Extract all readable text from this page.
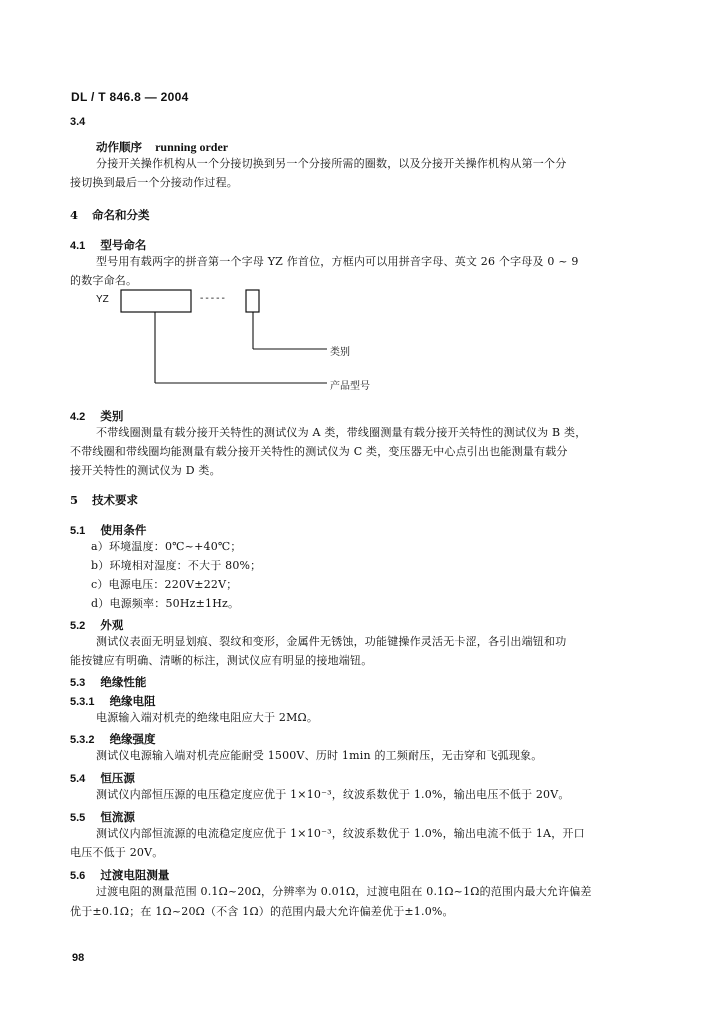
DL / T 846.8 — 2004
3.4
动作顺序 running order
分接开关操作机构从一个分接切换到另一个分接所需的圈数，以及分接开关操作机构从第一个分
接切换到最后一个分接动作过程。
4 命名和分类
4.1 型号命名
型号用有载两字的拼音第一个字母 YZ 作首位，方框内可以用拼音字母、英文 26 个字母及 0 ~ 9
的数字命名。
YZ	-----
类别
产品型号
4.2 类别
不带线圈测量有载分接开关特性的测试仪为 A 类，带线圈测量有载分接开关特性的测试仪为 B 类，
不带线圈和带线圈均能测量有载分接开关特性的测试仪为 C 类，变压器无中心点引出也能测量有载分
接开关特性的测试仪为 D 类。
5 技术要求
5.1 使用条件
a）环境温度：0℃~+40℃；
b）环境相对湿度：不大于 80%；
c）电源电压：220V±22V；
d）电源频率：50Hz±1Hz。
5.2 外观
测试仪表面无明显划痕、裂纹和变形，金属件无锈蚀，功能键操作灵活无卡涩，各引出端钮和功
能按键应有明确、清晰的标注，测试仪应有明显的接地端钮。
5.3 绝缘性能
5.3.1 绝缘电阻
电源输入端对机壳的绝缘电阻应大于 2MΩ。
5.3.2 绝缘强度
测试仪电源输入端对机壳应能耐受 1500V、历时 1min 的工频耐压，无击穿和飞弧现象。
5.4 恒压源
测试仪内部恒压源的电压稳定度应优于 1×10⁻³，纹波系数优于 1.0%，输出电压不低于 20V。
5.5 恒流源
测试仪内部恒流源的电流稳定度应优于 1×10⁻³，纹波系数优于 1.0%，输出电流不低于 1A，开口
电压不低于 20V。
5.6 过渡电阻测量
过渡电阻的测量范围 0.1Ω~20Ω，分辨率为 0.01Ω，过渡电阻在 0.1Ω~1Ω的范围内最大允许偏差
优于±0.1Ω；在 1Ω~20Ω（不含 1Ω）的范围内最大允许偏差优于±1.0%。
98
